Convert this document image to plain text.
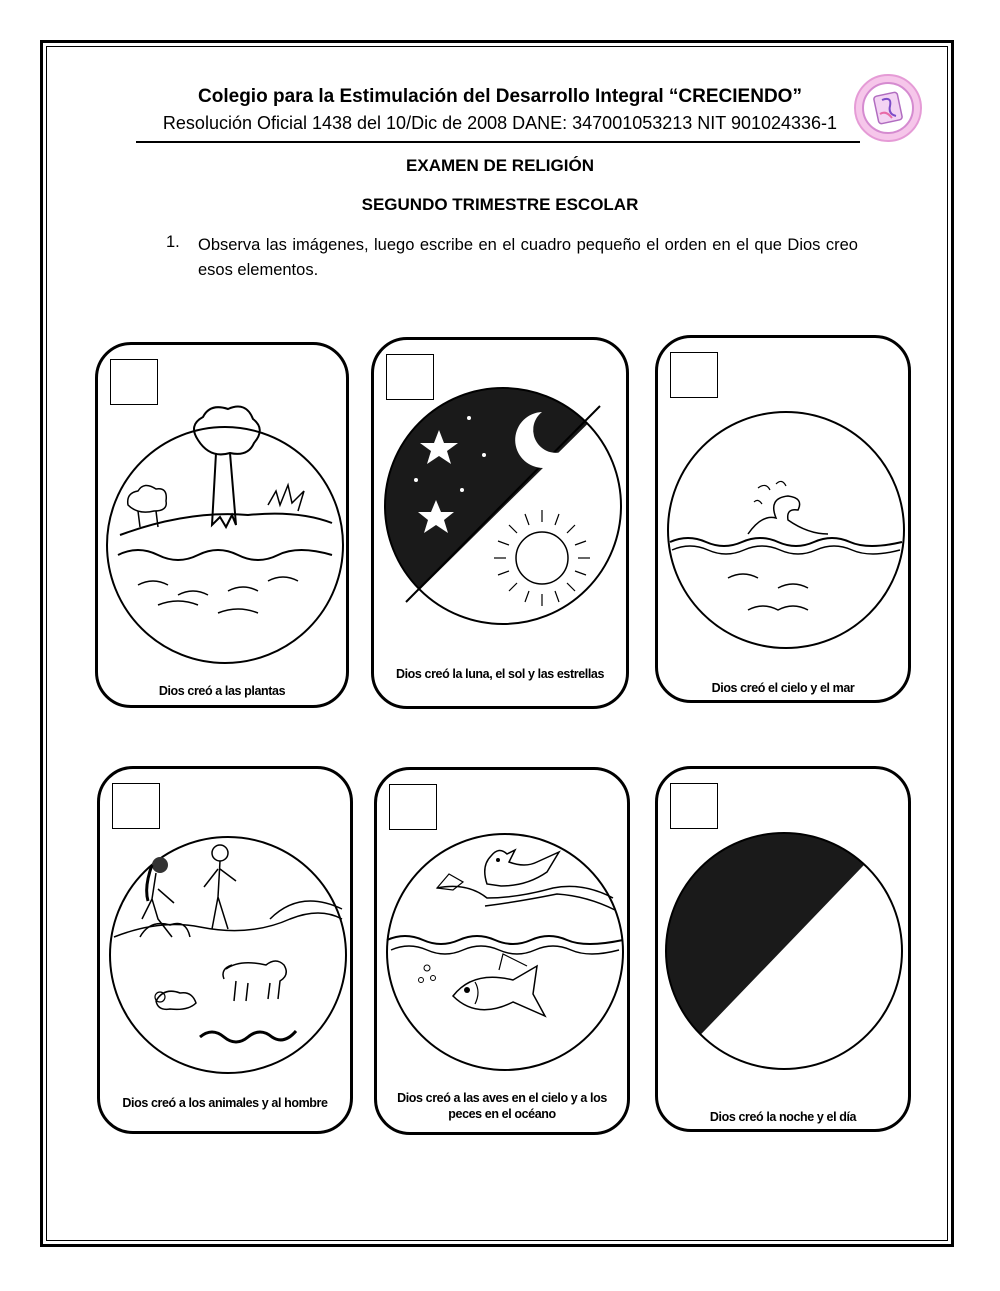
Colegio para la Estimulación del Desarrollo Integral “CRECIENDO”
Resolución Oficial 1438 del 10/Dic de 2008 DANE: 347001053213 NIT 901024336-1
EXAMEN DE RELIGIÓN
SEGUNDO TRIMESTRE ESCOLAR
1. Observa las imágenes, luego escribe en el cuadro pequeño el orden en el que Dios creo esos elementos.
Dios creó a las plantas
Dios creó la luna, el sol y las estrellas
Dios creó el cielo y el mar
Dios creó a los animales y al hombre	Dios creó a las aves en el cielo y a los peces en el océano	Dios creó la noche y el día
